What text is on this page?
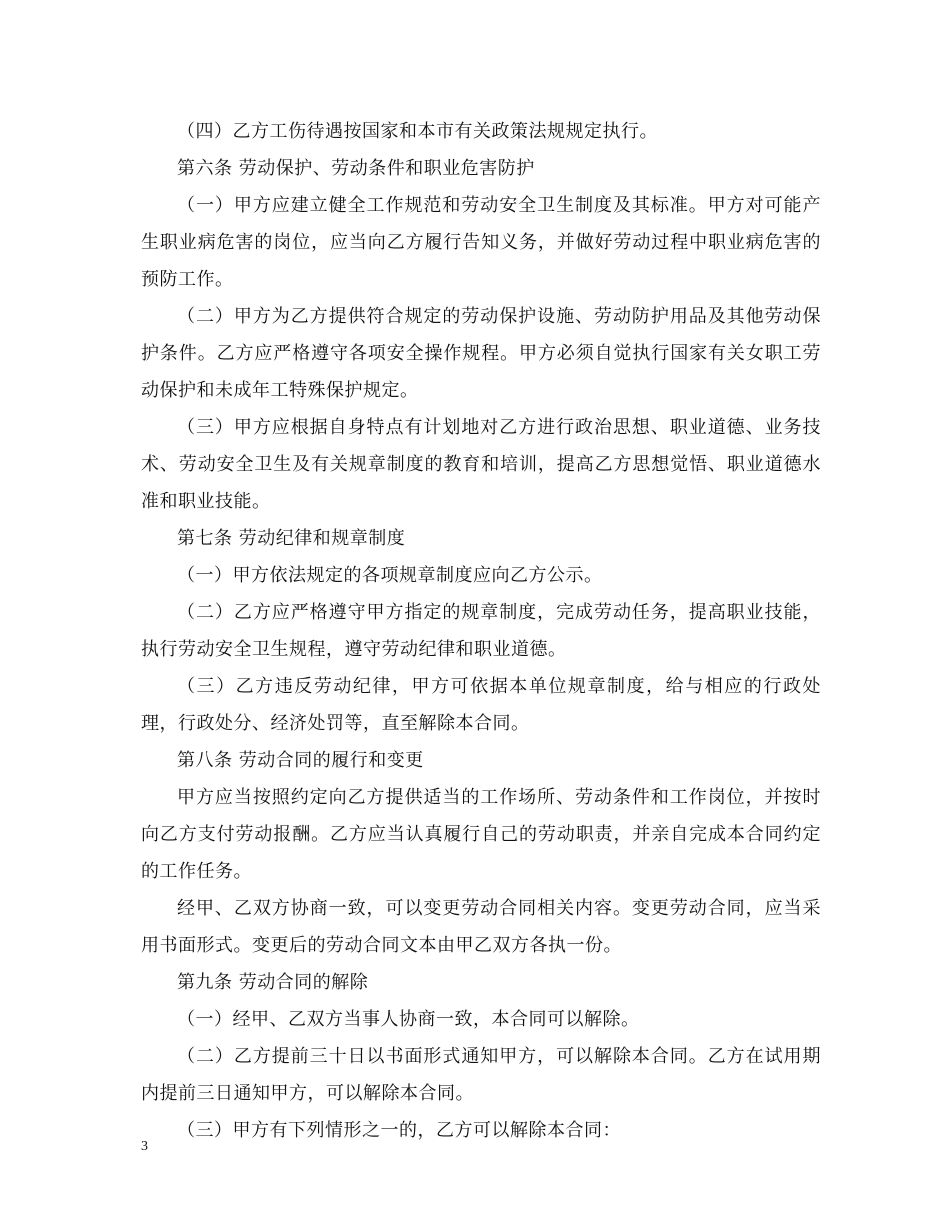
（四）乙方工伤待遇按国家和本市有关政策法规规定执行。

第六条 劳动保护、劳动条件和职业危害防护

（一）甲方应建立健全工作规范和劳动安全卫生制度及其标准。甲方对可能产生职业病危害的岗位，应当向乙方履行告知义务，并做好劳动过程中职业病危害的预防工作。

（二）甲方为乙方提供符合规定的劳动保护设施、劳动防护用品及其他劳动保护条件。乙方应严格遵守各项安全操作规程。甲方必须自觉执行国家有关女职工劳动保护和未成年工特殊保护规定。

（三）甲方应根据自身特点有计划地对乙方进行政治思想、职业道德、业务技术、劳动安全卫生及有关规章制度的教育和培训，提高乙方思想觉悟、职业道德水准和职业技能。

第七条 劳动纪律和规章制度

（一）甲方依法规定的各项规章制度应向乙方公示。

（二）乙方应严格遵守甲方指定的规章制度，完成劳动任务，提高职业技能，执行劳动安全卫生规程，遵守劳动纪律和职业道德。

（三）乙方违反劳动纪律，甲方可依据本单位规章制度，给与相应的行政处理，行政处分、经济处罚等，直至解除本合同。

第八条 劳动合同的履行和变更

甲方应当按照约定向乙方提供适当的工作场所、劳动条件和工作岗位，并按时向乙方支付劳动报酬。乙方应当认真履行自己的劳动职责，并亲自完成本合同约定的工作任务。

经甲、乙双方协商一致，可以变更劳动合同相关内容。变更劳动合同，应当采用书面形式。变更后的劳动合同文本由甲乙双方各执一份。

第九条 劳动合同的解除

（一）经甲、乙双方当事人协商一致，本合同可以解除。

（二）乙方提前三十日以书面形式通知甲方，可以解除本合同。乙方在试用期内提前三日通知甲方，可以解除本合同。

（三）甲方有下列情形之一的，乙方可以解除本合同：

3
